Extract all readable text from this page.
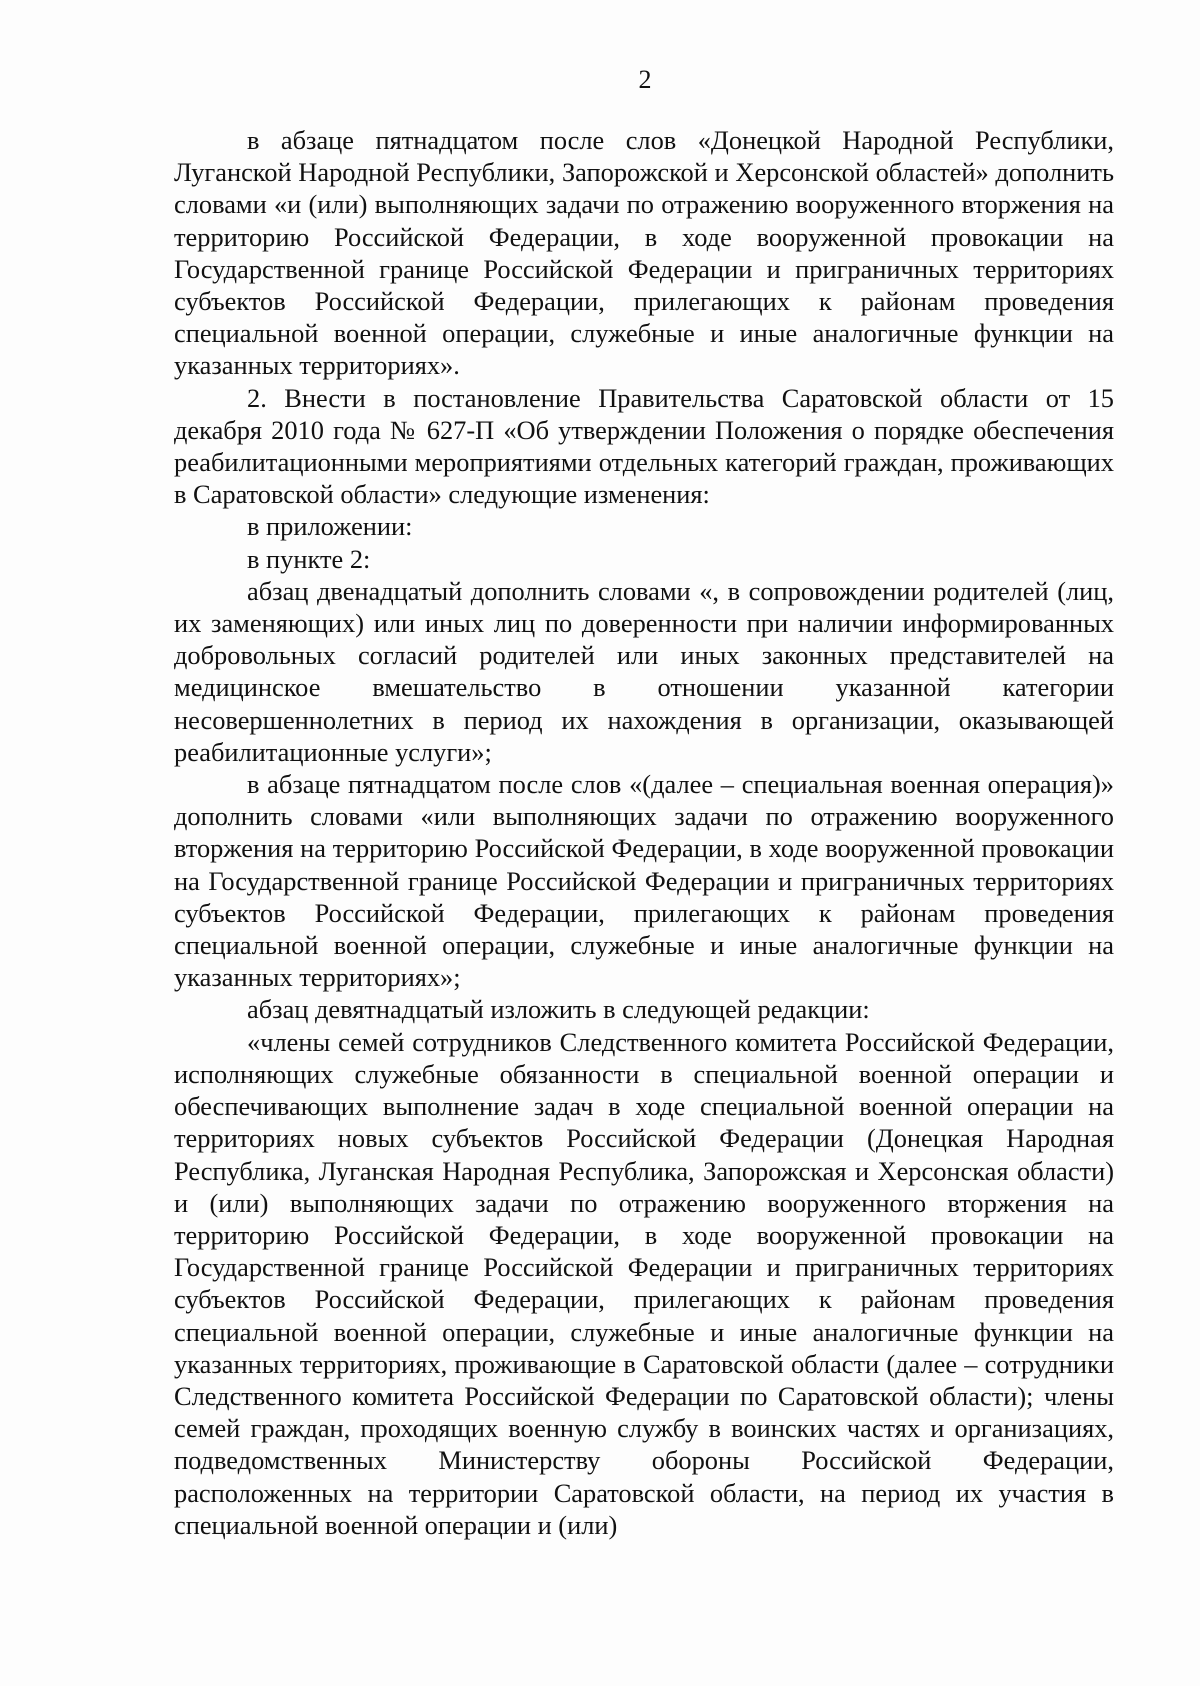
2

в абзаце пятнадцатом после слов «Донецкой Народной Республики, Луганской Народной Республики, Запорожской и Херсонской областей» дополнить словами «и (или) выполняющих задачи по отражению вооруженного вторжения на территорию Российской Федерации, в ходе вооруженной провокации на Государственной границе Российской Федерации и приграничных территориях субъектов Российской Федерации, прилегающих к районам проведения специальной военной операции, служебные и иные аналогичные функции на указанных территориях».

2. Внести в постановление Правительства Саратовской области от 15 декабря 2010 года № 627-П «Об утверждении Положения о порядке обеспечения реабилитационными мероприятиями отдельных категорий граждан, проживающих в Саратовской области» следующие изменения:

в приложении:

в пункте 2:

абзац двенадцатый дополнить словами «, в сопровождении родителей (лиц, их заменяющих) или иных лиц по доверенности при наличии информированных добровольных согласий родителей или иных законных представителей на медицинское вмешательство в отношении указанной категории несовершеннолетних в период их нахождения в организации, оказывающей реабилитационные услуги»;

в абзаце пятнадцатом после слов «(далее – специальная военная операция)» дополнить словами «или выполняющих задачи по отражению вооруженного вторжения на территорию Российской Федерации, в ходе вооруженной провокации на Государственной границе Российской Федерации и приграничных территориях субъектов Российской Федерации, прилегающих к районам проведения специальной военной операции, служебные и иные аналогичные функции на указанных территориях»;

абзац девятнадцатый изложить в следующей редакции:

«члены семей сотрудников Следственного комитета Российской Федерации, исполняющих служебные обязанности в специальной военной операции и обеспечивающих выполнение задач в ходе специальной военной операции на территориях новых субъектов Российской Федерации (Донецкая Народная Республика, Луганская Народная Республика, Запорожская и Херсонская области) и (или) выполняющих задачи по отражению вооруженного вторжения на территорию Российской Федерации, в ходе вооруженной провокации на Государственной границе Российской Федерации и приграничных территориях субъектов Российской Федерации, прилегающих к районам проведения специальной военной операции, служебные и иные аналогичные функции на указанных территориях, проживающие в Саратовской области (далее – сотрудники Следственного комитета Российской Федерации по Саратовской области); члены семей граждан, проходящих военную службу в воинских частях и организациях, подведомственных Министерству обороны Российской Федерации, расположенных на территории Саратовской области, на период их участия в специальной военной операции и (или)
